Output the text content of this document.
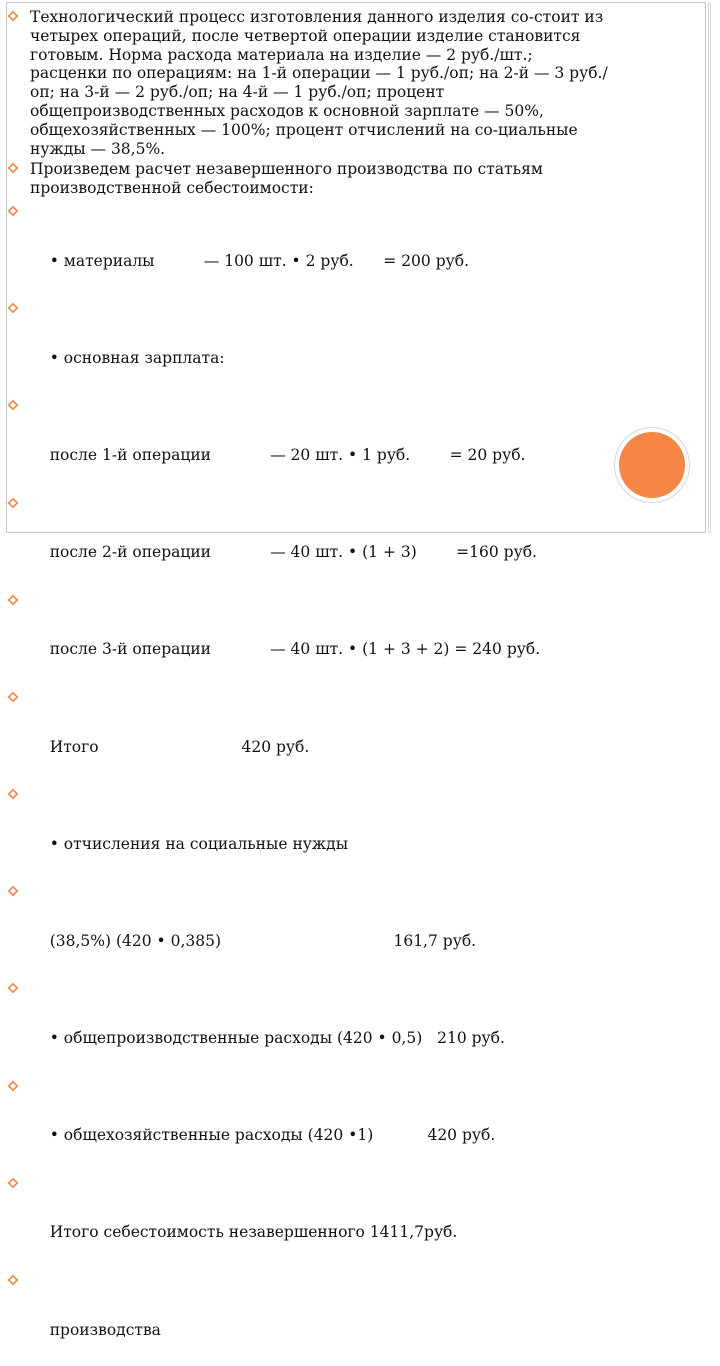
Технологический процесс изготовления данного изделия со-стоит из четырех операций, после четвертой операции изделие становится готовым. Норма расхода материала на изделие — 2 руб./шт.; расценки по операциям: на 1-й операции — 1 руб./оп; на 2-й — 3 руб./оп; на 3-й — 2 руб./оп; на 4-й — 1 руб./оп; процент общепроизводственных расходов к основной зарплате — 50%, общехозяйственных — 100%; процент отчислений на со-циальные нужды — 38,5%.
Произведем расчет незавершенного производства по статьям производственной себестоимости:

• материалы          — 100 шт. • 2 руб.      = 200 руб.

• основная зарплата:

после 1-й операции            — 20 шт. • 1 руб.        = 20 руб.

после 2-й операции            — 40 шт. • (1 + 3)        =160 руб.

после 3-й операции            — 40 шт. • (1 + 3 + 2) = 240 руб.

Итого                             420 руб.

• отчисления на социальные нужды

(38,5%) (420 • 0,385)                                   161,7 руб.

• общепроизводственные расходы (420 • 0,5)   210 руб.

• общехозяйственные расходы (420 •1)           420 руб.

Итого себестоимость незавершенного 1411,7руб.

производства
